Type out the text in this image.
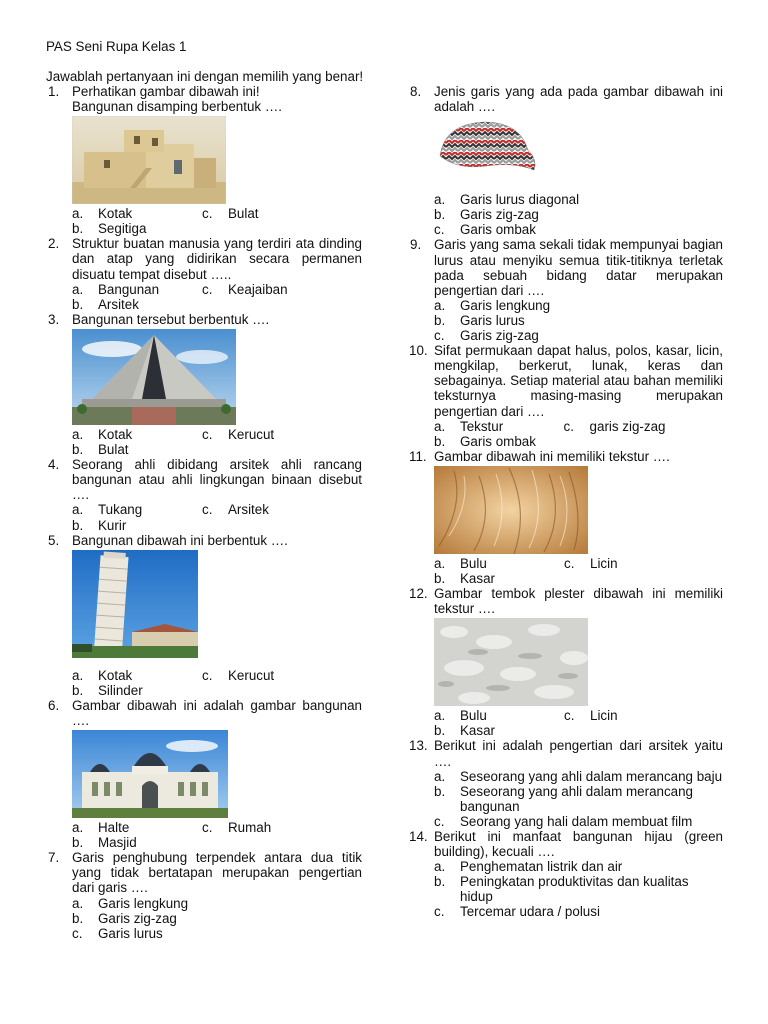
PAS Seni Rupa Kelas 1
Jawablah pertanyaan ini dengan memilih yang benar!
1. Perhatikan gambar dibawah ini!
Bangunan disamping berbentuk ….
a.	Kotak	c.	Bulat
b.	Segitiga
2. Struktur buatan manusia yang terdiri ata dinding dan atap yang didirikan secara permanen disuatu tempat disebut …..
a.	Bangunan	c.	Keajaiban
b.	Arsitek
3. Bangunan tersebut berbentuk ….
a.	Kotak	c.	Kerucut
b.	Bulat
4. Seorang ahli dibidang arsitek ahli rancang bangunan atau ahli lingkungan binaan disebut ….
a.	Tukang	c.	Arsitek
b.	Kurir
5. Bangunan dibawah ini berbentuk ….
a.	Kotak	c.	Kerucut
b.	Silinder
6. Gambar dibawah ini adalah gambar bangunan ….
a.	Halte	c.	Rumah
b.	Masjid
7. Garis penghubung terpendek antara dua titik yang tidak bertatapan merupakan pengertian dari garis ….
a.	Garis lengkung
b.	Garis zig-zag
c.	Garis lurus
8. Jenis garis yang ada pada gambar dibawah ini adalah ….
a.	Garis lurus diagonal
b.	Garis zig-zag
c.	Garis ombak
9. Garis yang sama sekali tidak mempunyai bagian lurus atau menyiku semua titik-titiknya terletak pada sebuah bidang datar merupakan pengertian dari ….
a.	Garis lengkung
b.	Garis lurus
c.	Garis zig-zag
10. Sifat permukaan dapat halus, polos, kasar, licin, mengkilap, berkerut, lunak, keras dan sebagainya. Setiap material atau bahan memiliki teksturnya masing-masing merupakan pengertian dari ….
a.	Tekstur	c.	garis zig-zag
b.	Garis ombak
11. Gambar dibawah ini memiliki tekstur ….
a.	Bulu	c.	Licin
b.	Kasar
12. Gambar tembok plester dibawah ini memiliki tekstur ….
a.	Bulu	c.	Licin
b.	Kasar
13. Berikut ini adalah pengertian dari arsitek yaitu ….
a.	Seseorang yang ahli dalam merancang baju
b.	Seseorang yang ahli dalam merancang bangunan
c.	Seorang yang hali dalam membuat film
14. Berikut ini manfaat bangunan hijau (green building), kecuali ….
a.	Penghematan listrik dan air
b.	Peningkatan produktivitas dan kualitas hidup
c.	Tercemar udara / polusi
